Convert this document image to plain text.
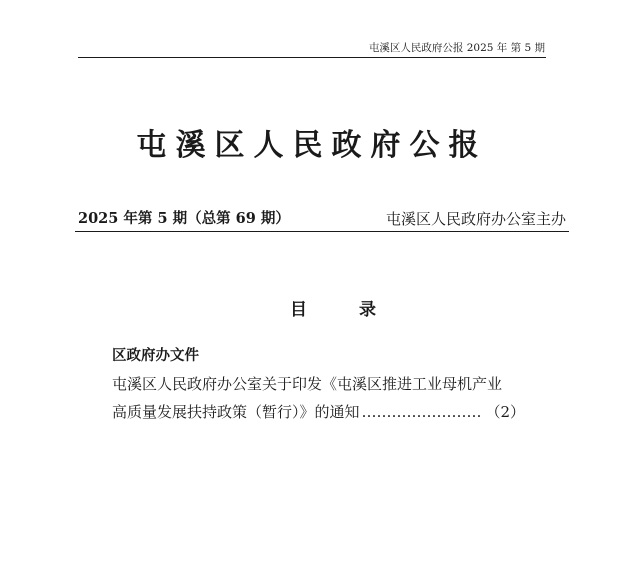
屯溪区人民政府公报 2025 年 第 5 期
屯溪区人民政府公报
2025 年第 5 期（总第 69 期）	屯溪区人民政府办公室主办
目	录
区政府办文件
屯溪区人民政府办公室关于印发《屯溪区推进工业母机产业
高质量发展扶持政策（暂行）》的通知 …………………… （2）
